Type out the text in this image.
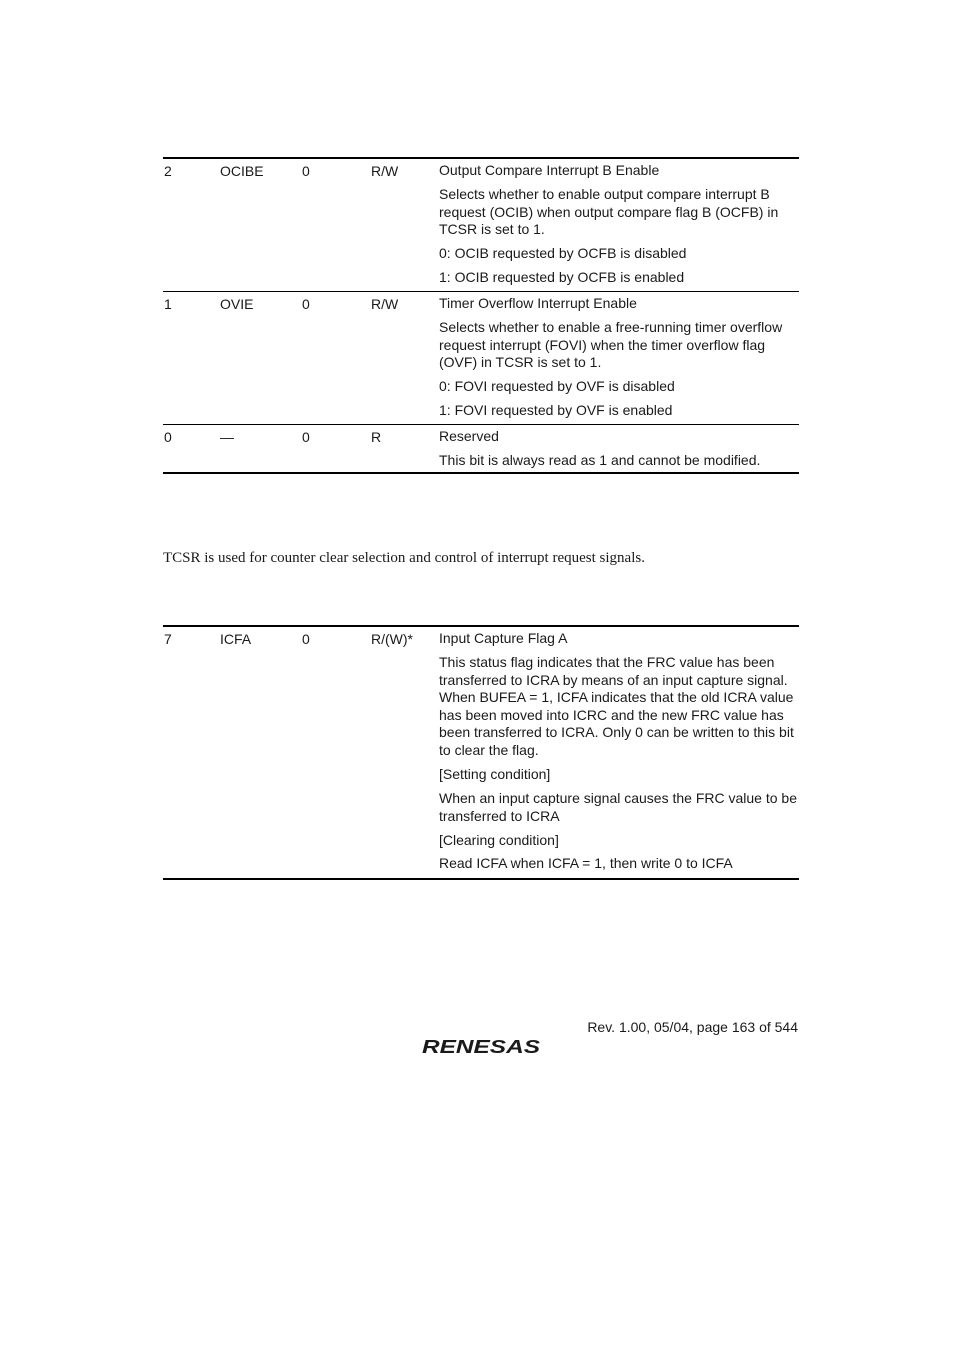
2	OCIBE	0	R/W	Output Compare Interrupt B Enable

Selects whether to enable output compare interrupt B request (OCIB) when output compare flag B (OCFB) in TCSR is set to 1.

0: OCIB requested by OCFB is disabled

1: OCIB requested by OCFB is enabled

1	OVIE	0	R/W	Timer Overflow Interrupt Enable

Selects whether to enable a free-running timer overflow request interrupt (FOVI) when the timer overflow flag (OVF) in TCSR is set to 1.

0: FOVI requested by OVF is disabled

1: FOVI requested by OVF is enabled

0	—	0	R	Reserved

This bit is always read as 1 and cannot be modified.

TCSR is used for counter clear selection and control of interrupt request signals.
7	ICFA	0	R/(W)* Input Capture Flag A

This status flag indicates that the FRC value has been transferred to ICRA by means of an input capture signal. When BUFEA = 1, ICFA indicates that the old ICRA value has been moved into ICRC and the new FRC value has been transferred to ICRA. Only 0 can be written to this bit to clear the flag.

[Setting condition]

When an input capture signal causes the FRC value to be transferred to ICRA

[Clearing condition]

Read ICFA when ICFA = 1, then write 0 to ICFA

Rev. 1.00, 05/04, page 163 of 544
RENESAS
